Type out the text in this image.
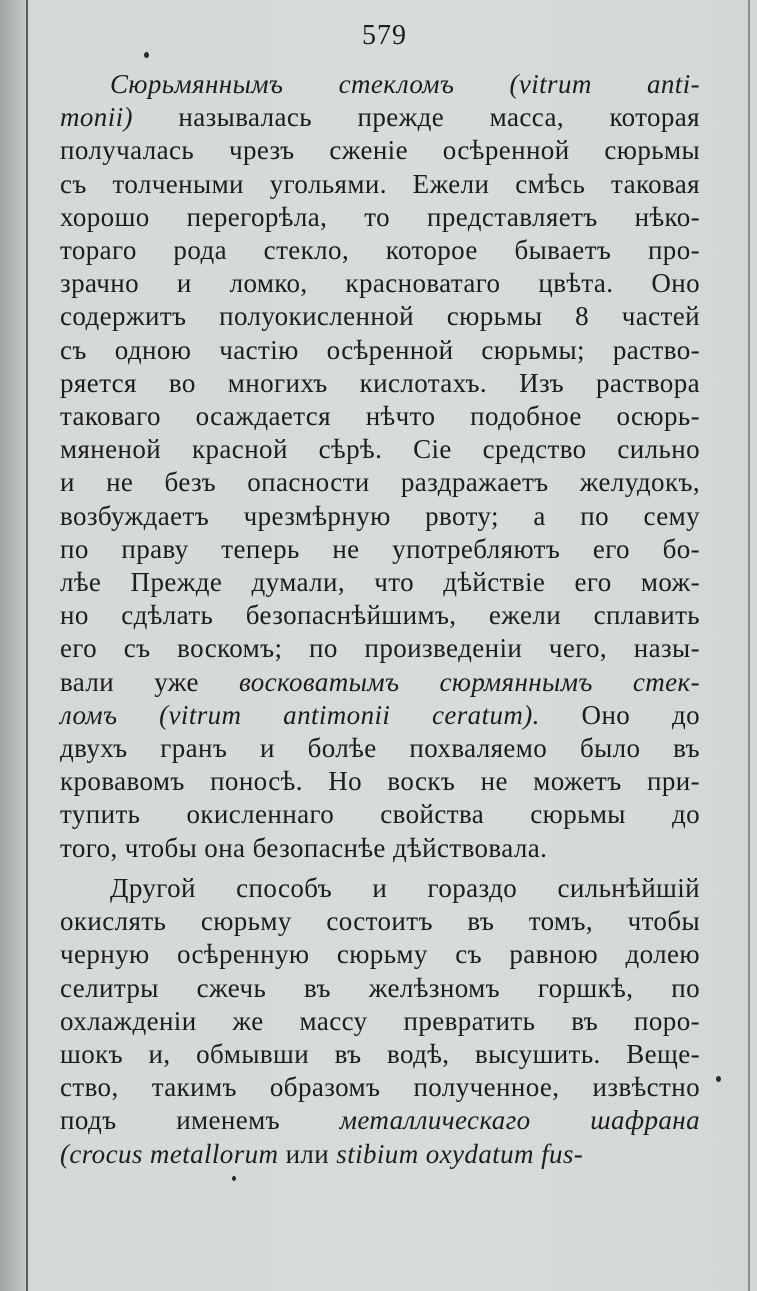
579
Сюрьмяннымъ стекломъ (vitrum anti-
monii) называлась прежде масса, которая
получалась чрезъ сженіе осѣренной сюрьмы
съ толчеными угольями. Ежели смѣсь таковая
хорошо перегорѣла, то представляетъ нѣко-
тораго рода стекло, которое бываетъ про-
зрачно и ломко, красноватаго цвѣта. Оно
содержитъ полуокисленной сюрьмы 8 частей
съ одною частію осѣренной сюрьмы; раство-
ряется во многихъ кислотахъ. Изъ раствора
таковаго осаждается нѣчто подобное осюрь-
мяненой красной сѣрѣ. Сіе средство сильно
и не безъ опасности раздражаетъ желудокъ,
возбуждаетъ чрезмѣрную рвоту; а по сему
по праву теперь не употребляютъ его бо-
лѣе Прежде думали, что дѣйствіе его мож-
но сдѣлать безопаснѣйшимъ, ежели сплавить
его съ воскомъ; по произведеніи чего, назы-
вали уже восковатымъ сюрмяннымъ стек-
ломъ (vitrum antimonii ceratum). Оно до
двухъ гранъ и болѣе похваляемо было въ
кровавомъ поносѣ. Но воскъ не можетъ при-
тупить окисленнаго свойства сюрьмы до
того, чтобы она безопаснѣе дѣйствовала.
Другой способъ и гораздо сильнѣйшій
окислять сюрьму состоитъ въ томъ, чтобы
черную осѣренную сюрьму съ равною долею
селитры сжечь въ желѣзномъ горшкѣ, по
охлажденіи же массу превратить въ поро-
шокъ и, обмывши въ водѣ, высушить. Веще-
ство, такимъ образомъ полученное, извѣстно
подъ именемъ металлическаго шафрана
(crocus metallorum или stibium oxydatum fus-
